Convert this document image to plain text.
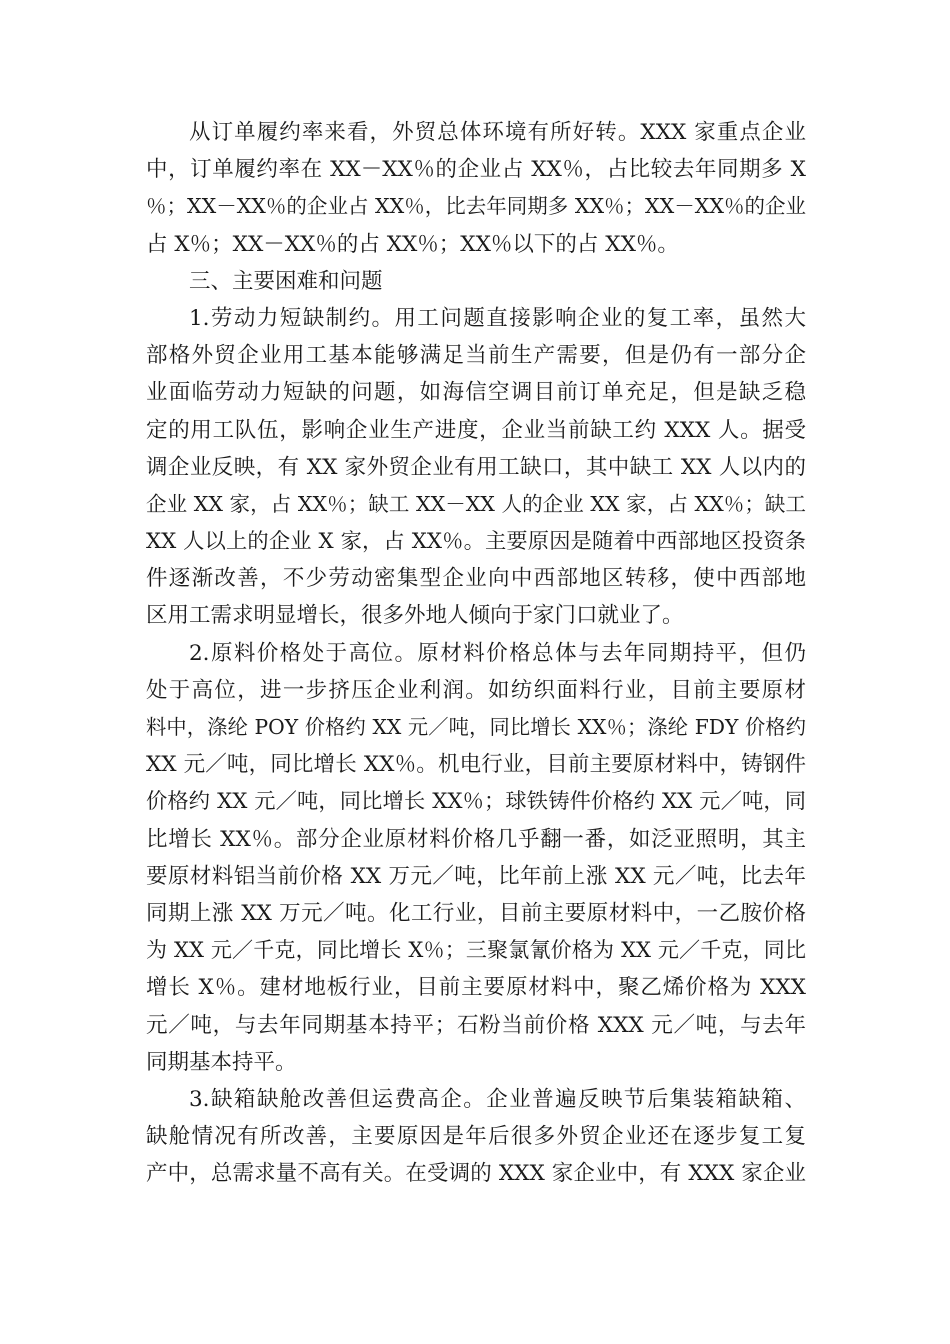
从订单履约率来看，外贸总体环境有所好转。XXX 家重点企业
中，订单履约率在 XX－XX％的企业占 XX％，占比较去年同期多 X
％；XX－XX％的企业占 XX％，比去年同期多 XX％；XX－XX％的企业
占 X％；XX－XX％的占 XX％；XX％以下的占 XX％。
三、主要困难和问题
1.劳动力短缺制约。用工问题直接影响企业的复工率，虽然大
部格外贸企业用工基本能够满足当前生产需要，但是仍有一部分企
业面临劳动力短缺的问题，如海信空调目前订单充足，但是缺乏稳
定的用工队伍，影响企业生产进度，企业当前缺工约 XXX 人。据受
调企业反映，有 XX 家外贸企业有用工缺口，其中缺工 XX 人以内的
企业 XX 家，占 XX％；缺工 XX－XX 人的企业 XX 家，占 XX％；缺工
XX 人以上的企业 X 家，占 XX％。主要原因是随着中西部地区投资条
件逐渐改善，不少劳动密集型企业向中西部地区转移，使中西部地
区用工需求明显增长，很多外地人倾向于家门口就业了。
2.原料价格处于高位。原材料价格总体与去年同期持平，但仍
处于高位，进一步挤压企业利润。如纺织面料行业，目前主要原材
料中，涤纶 POY 价格约 XX 元／吨，同比增长 XX％；涤纶 FDY 价格约
XX 元／吨，同比增长 XX％。机电行业，目前主要原材料中，铸钢件
价格约 XX 元／吨，同比增长 XX％；球铁铸件价格约 XX 元／吨，同
比增长 XX％。部分企业原材料价格几乎翻一番，如泛亚照明，其主
要原材料铝当前价格 XX 万元／吨，比年前上涨 XX 元／吨，比去年
同期上涨 XX 万元／吨。化工行业，目前主要原材料中，一乙胺价格
为 XX 元／千克，同比增长 X％；三聚氯氰价格为 XX 元／千克，同比
增长 X％。建材地板行业，目前主要原材料中，聚乙烯价格为 XXX
元／吨，与去年同期基本持平；石粉当前价格 XXX 元／吨，与去年
同期基本持平。
3.缺箱缺舱改善但运费高企。企业普遍反映节后集装箱缺箱、
缺舱情况有所改善，主要原因是年后很多外贸企业还在逐步复工复
产中，总需求量不高有关。在受调的 XXX 家企业中，有 XXX 家企业
